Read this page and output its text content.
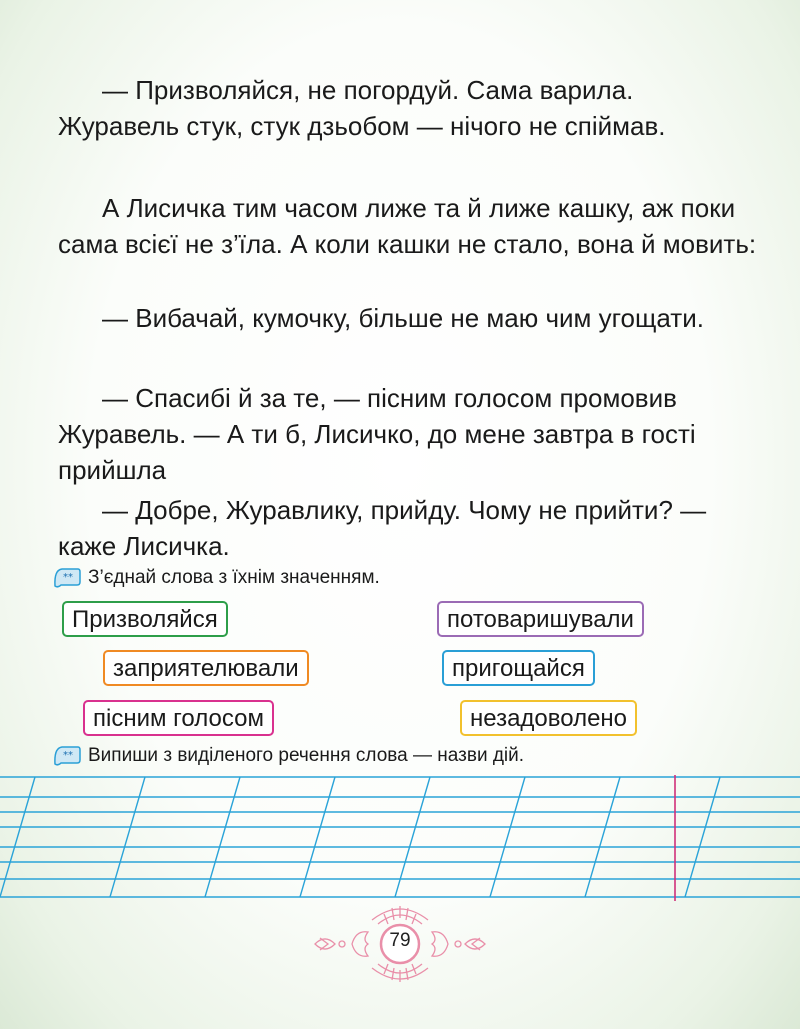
— Призволяйся, не погордуй. Сама варила. Журавель стук, стук дзьобом — нічого не спіймав.

А Лисичка тим часом лиже та й лиже кашку, аж поки сама всієї не з’їла. А коли кашки не стало, вона й мовить:

— Вибачай, кумочку, більше не маю чим угощати.

— Спасибі й за те, — пісним голосом промовив Журавель. — А ти б, Лисичко, до мене завтра в гості прийшла

— Добре, Журавлику, прийду. Чому не прийти? — каже Лисичка.

** З’єднай слова з їхнім значенням.
Призволяйся
заприятелювали
пісним голосом
потоваришували
пригощайся
незадоволено
** Випиши з виділеного речення слова — назви дій.
79
